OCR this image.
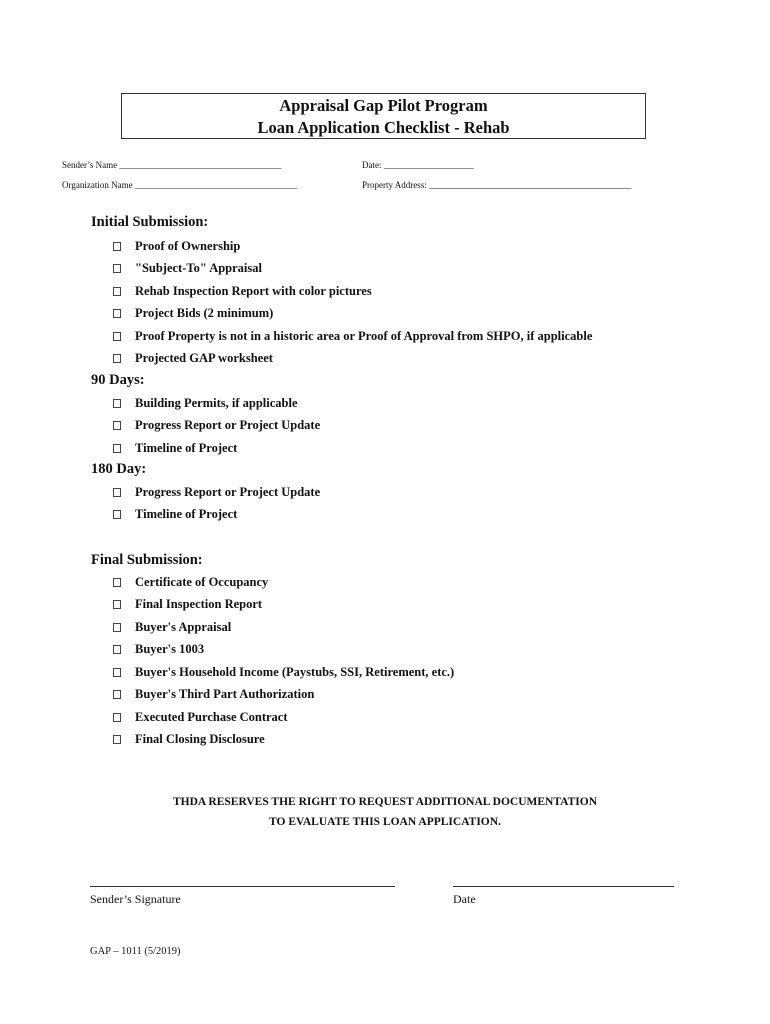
Appraisal Gap Pilot Program
Loan Application Checklist - Rehab
Sender’s Name ____________________________________	Date: ____________________
Organization Name ____________________________________	Property Address: _____________________________________________
Initial Submission:
Proof of Ownership
"Subject-To" Appraisal
Rehab Inspection Report with color pictures
Project Bids (2 minimum)
Proof Property is not in a historic area or Proof of Approval from SHPO, if applicable
Projected GAP worksheet
90 Days:
Building Permits, if applicable
Progress Report or Project Update
Timeline of Project
180 Day:
Progress Report or Project Update
Timeline of Project
Final Submission:
Certificate of Occupancy
Final Inspection Report
Buyer's Appraisal
Buyer's 1003
Buyer's Household Income (Paystubs, SSI, Retirement, etc.)
Buyer's Third Part Authorization
Executed Purchase Contract
Final Closing Disclosure
THDA RESERVES THE RIGHT TO REQUEST ADDITIONAL DOCUMENTATION
TO EVALUATE THIS LOAN APPLICATION.
Sender’s Signature	Date
GAP – 1011 (5/2019)
